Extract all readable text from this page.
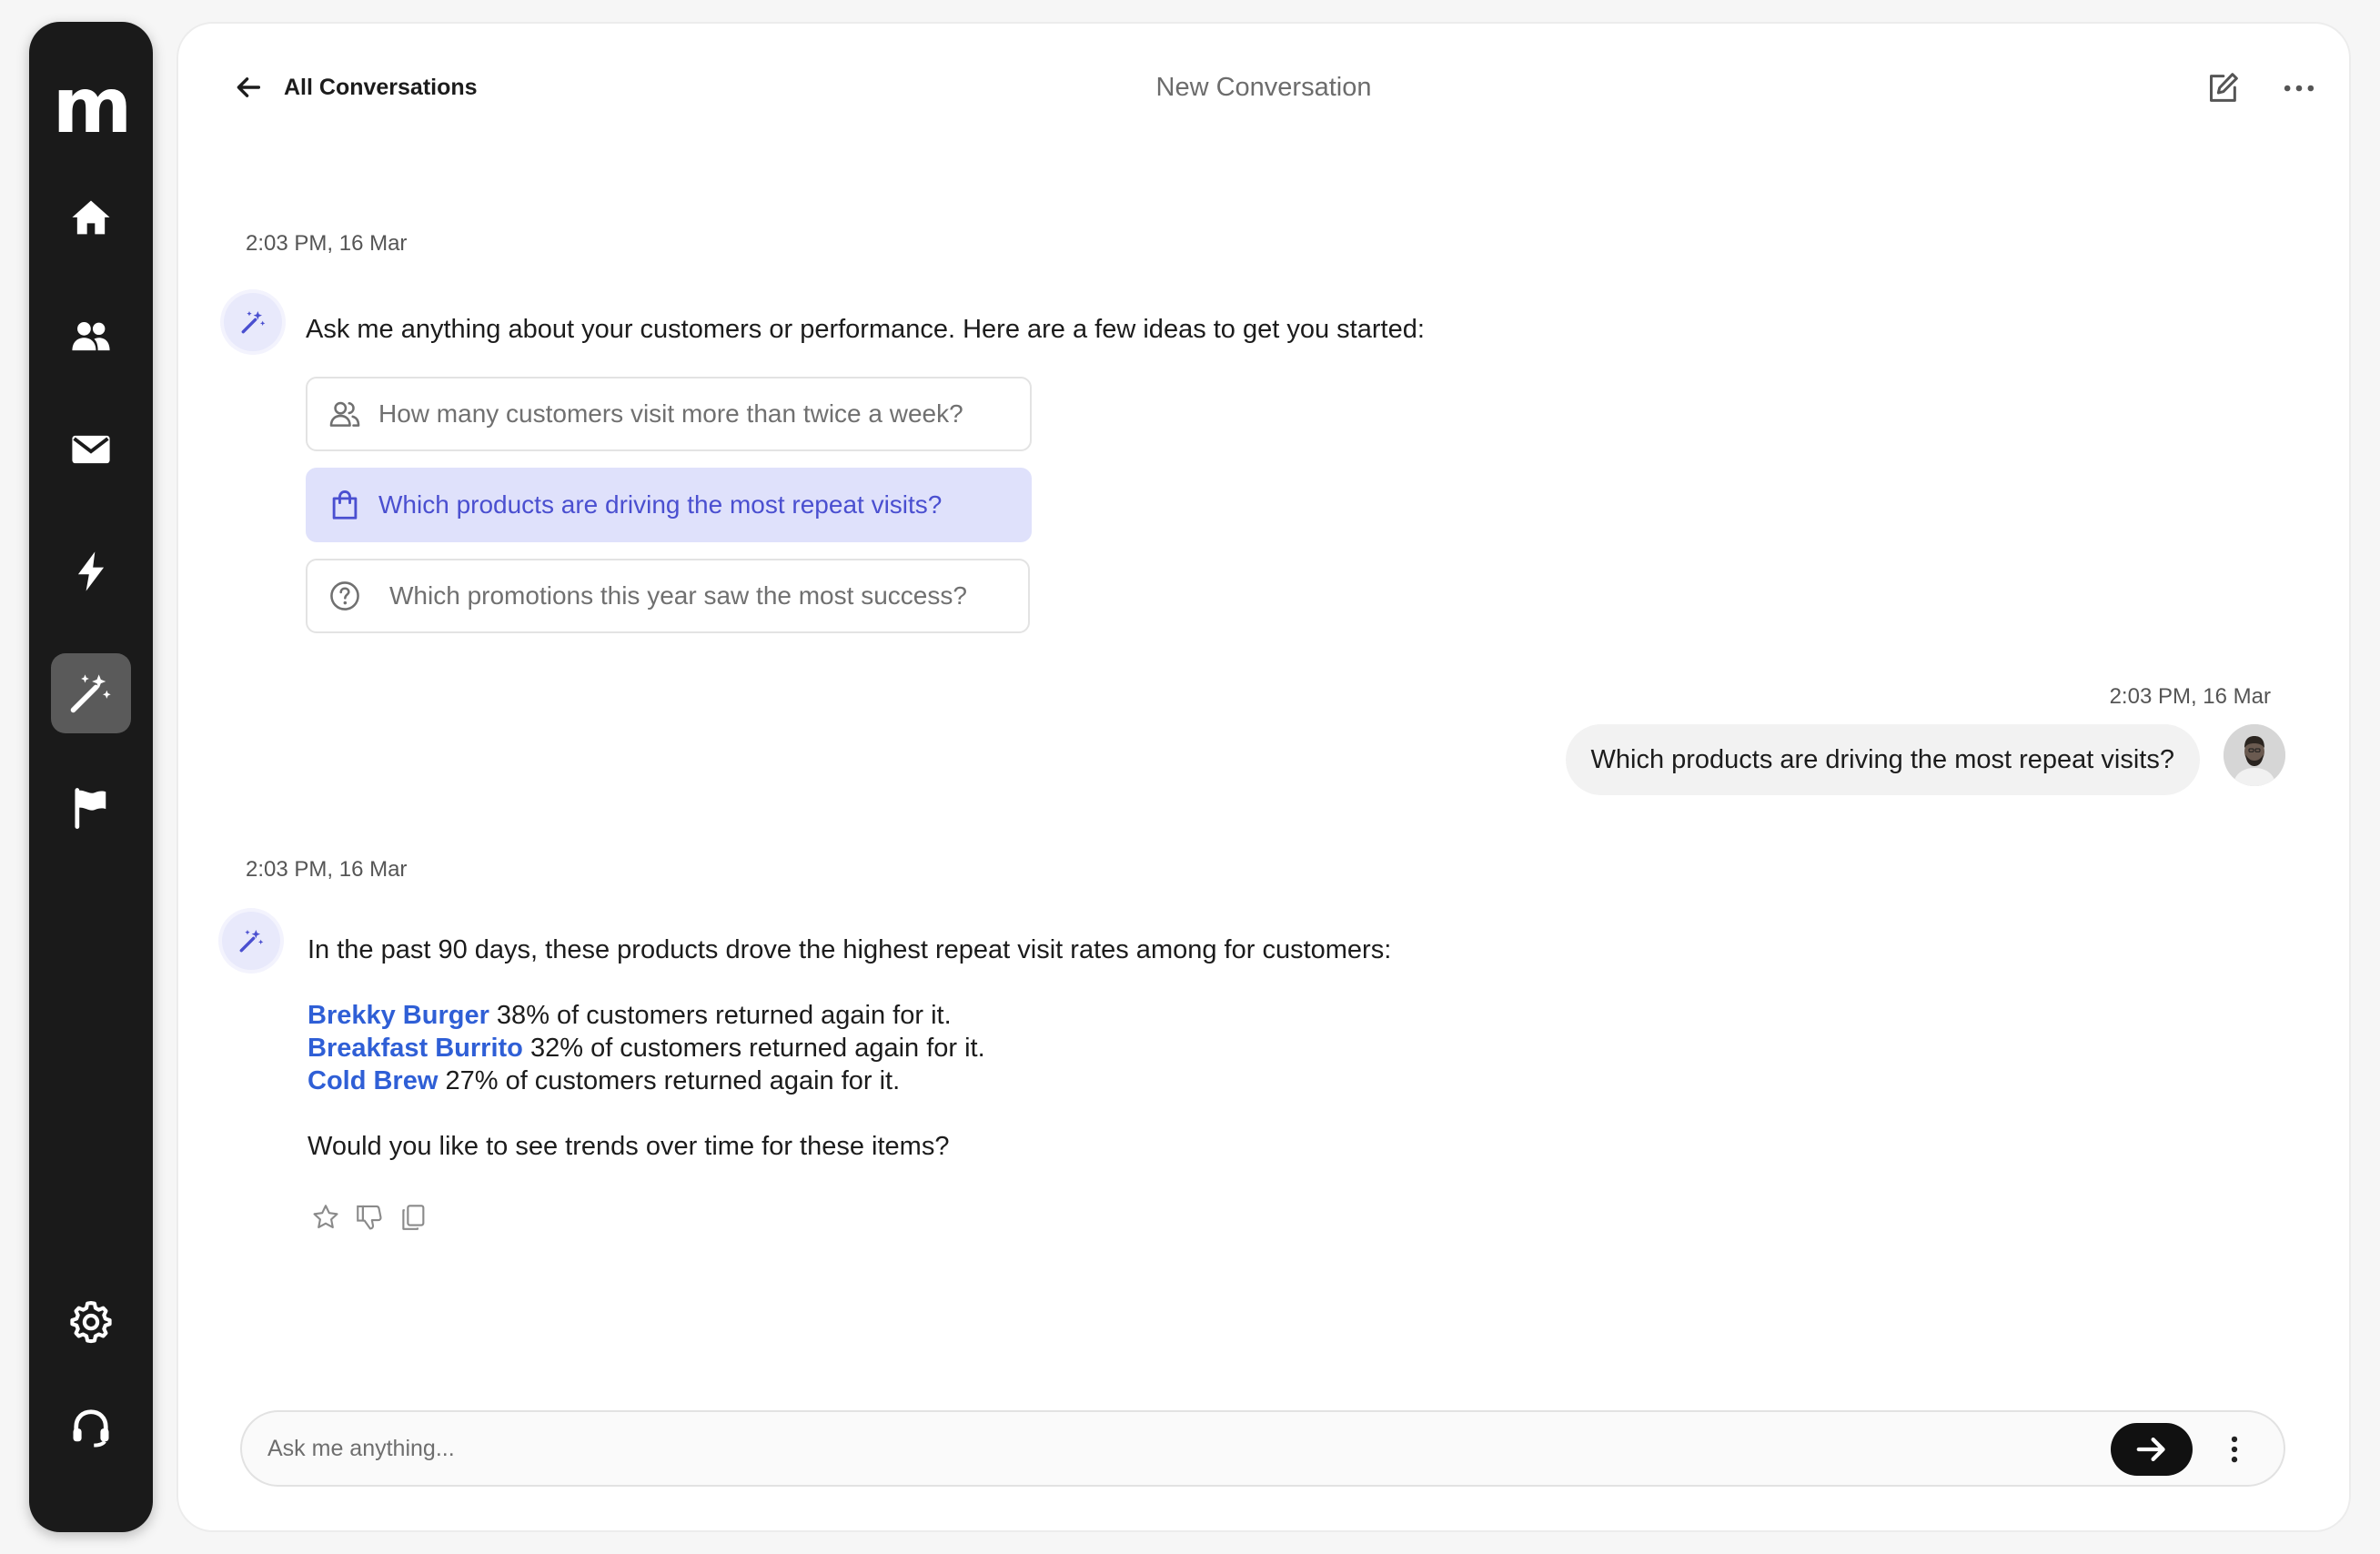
m	All Conversations	New Conversation
2:03 PM, 16 Mar
Ask me anything about your customers or performance. Here are a few ideas to get you started:
How many customers visit more than twice a week?
Which products are driving the most repeat visits?
Which promotions this year saw the most success?
2:03 PM, 16 Mar
Which products are driving the most repeat visits?
2:03 PM, 16 Mar
In the past 90 days, these products drove the highest repeat visit rates among for customers:
Brekky Burger 38% of customers returned again for it.
Breakfast Burrito 32% of customers returned again for it.
Cold Brew 27% of customers returned again for it.
Would you like to see trends over time for these items?
Ask me anything...
